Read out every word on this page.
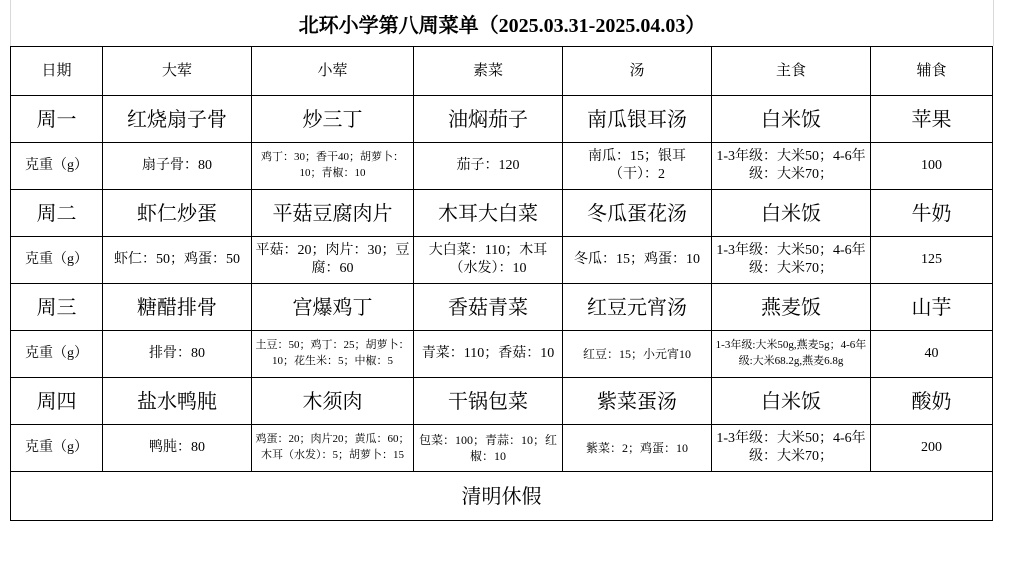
北环小学第八周菜单（2025.03.31-2025.04.03）
日期	大荤	小荤	素菜	汤	主食	辅食
周一	红烧扇子骨	炒三丁	油焖茄子	南瓜银耳汤	白米饭	苹果
克重（g）	扇子骨：80	鸡丁：30；香干40；胡萝卜：10；青椒：10	茄子：120	南瓜：15；银耳（干）：2	1-3年级：大米50；4-6年级：大米70；	100
周二	虾仁炒蛋	平菇豆腐肉片	木耳大白菜	冬瓜蛋花汤	白米饭	牛奶
克重（g）	虾仁：50；鸡蛋：50	平菇：20；肉片：30；豆腐：60	大白菜：110；木耳（水发）：10	冬瓜：15；鸡蛋：10	1-3年级：大米50；4-6年级：大米70；	125
周三	糖醋排骨	宫爆鸡丁	香菇青菜	红豆元宵汤	燕麦饭	山芋
克重（g）	排骨：80	土豆：50；鸡丁：25；胡萝卜：10；花生米：5；中椒：5	青菜：110；香菇：10	红豆：15；小元宵10	1-3年级:大米50g,燕麦5g；4-6年级:大米68.2g,燕麦6.8g	40
周四	盐水鸭肫	木须肉	干锅包菜	紫菜蛋汤	白米饭	酸奶
克重（g）	鸭肫：80	鸡蛋：20；肉片20；黄瓜：60；木耳（水发）：5；胡萝卜：15	包菜：100；青蒜：10；红椒：10	紫菜：2；鸡蛋：10	1-3年级：大米50；4-6年级：大米70；	200
清明休假						
